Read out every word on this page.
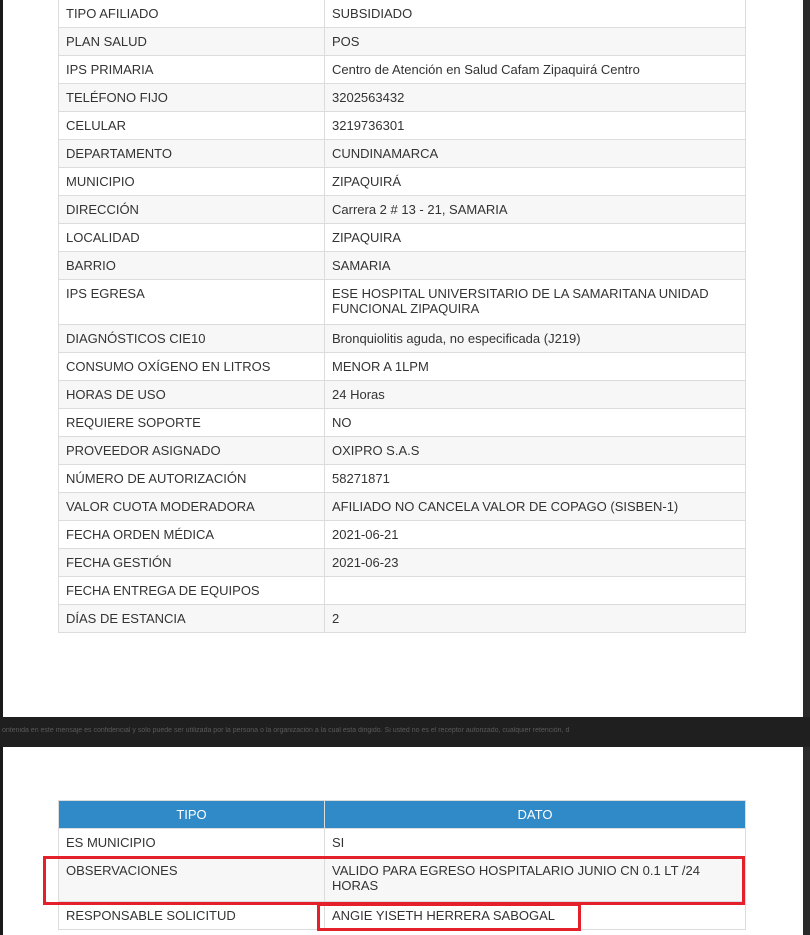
TIPO AFILIADO	SUBSIDIADO
PLAN SALUD	POS
IPS PRIMARIA	Centro de Atención en Salud Cafam Zipaquirá Centro
TELÉFONO FIJO	3202563432
CELULAR	3219736301
DEPARTAMENTO	CUNDINAMARCA
MUNICIPIO	ZIPAQUIRÁ
DIRECCIÓN	Carrera 2 # 13 - 21, SAMARIA
LOCALIDAD	ZIPAQUIRA
BARRIO	SAMARIA
IPS EGRESA	ESE HOSPITAL UNIVERSITARIO DE LA SAMARITANA UNIDAD FUNCIONAL ZIPAQUIRA
DIAGNÓSTICOS CIE10	Bronquiolitis aguda, no especificada (J219)
CONSUMO OXÍGENO EN LITROS	MENOR A 1LPM
HORAS DE USO	24 Horas
REQUIERE SOPORTE	NO
PROVEEDOR ASIGNADO	OXIPRO S.A.S
NÚMERO DE AUTORIZACIÓN	58271871
VALOR CUOTA MODERADORA	AFILIADO NO CANCELA VALOR DE COPAGO (SISBEN-1)
FECHA ORDEN MÉDICA	2021-06-21
FECHA GESTIÓN	2021-06-23
FECHA ENTREGA DE EQUIPOS	
DÍAS DE ESTANCIA	2
ontenida en este mensaje es confidencial y solo puede ser utilizada por la persona o la organización a la cual esta dirigido. Si usted no es el receptor autorizado, cualquier retención, d
TIPO	DATO
ES MUNICIPIO	SI
OBSERVACIONES	VALIDO PARA EGRESO HOSPITALARIO JUNIO CN 0.1 LT /24 HORAS
RESPONSABLE SOLICITUD	ANGIE YISETH HERRERA SABOGAL
